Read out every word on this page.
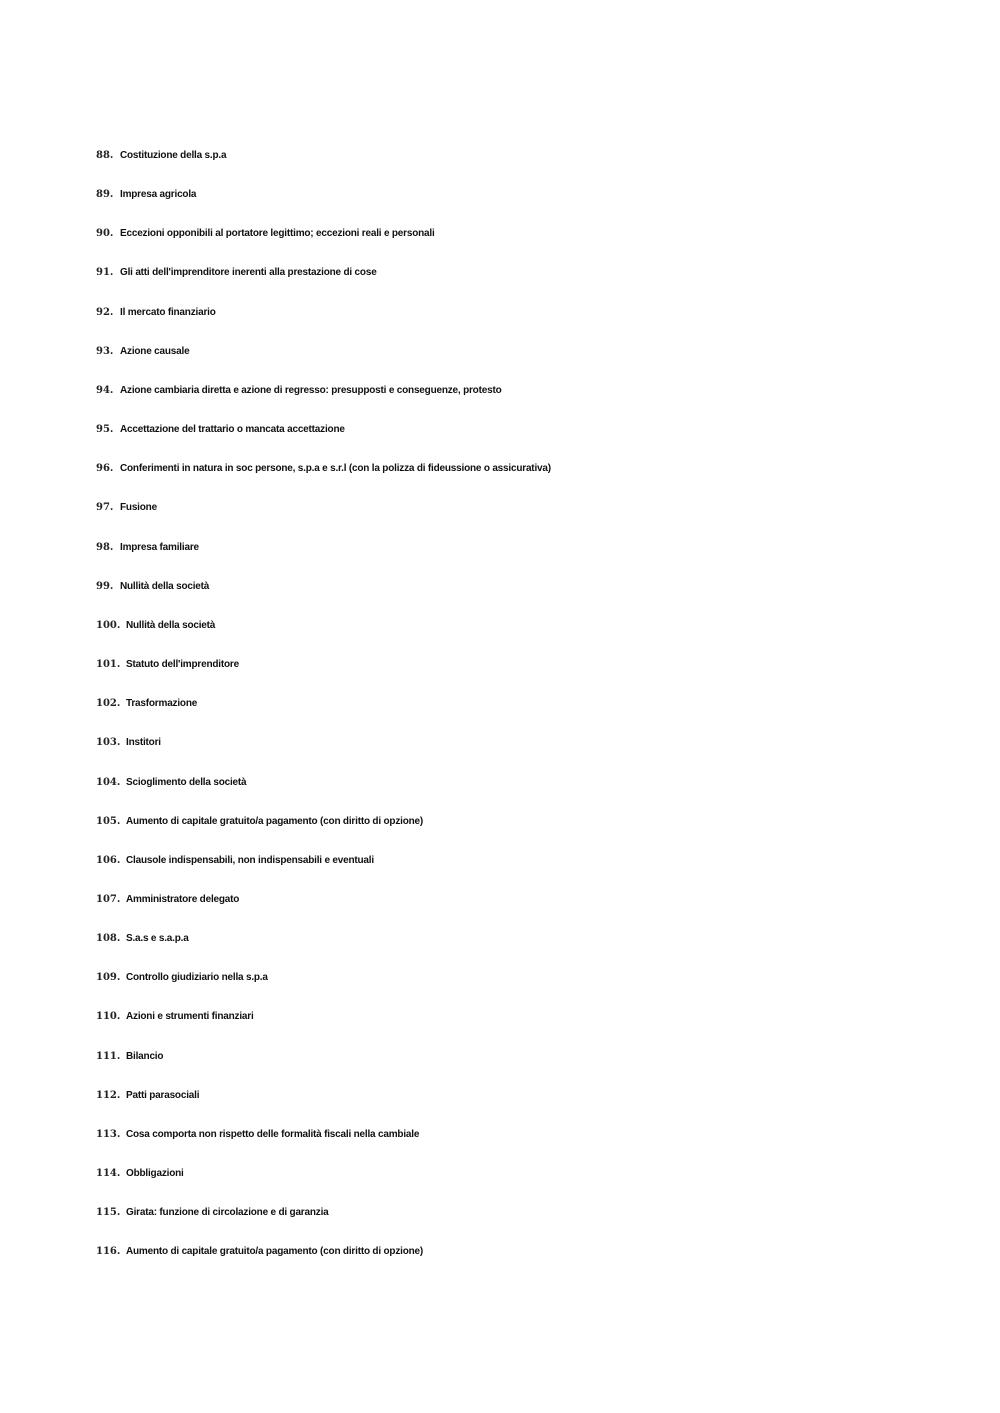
88. Costituzione della s.p.a
89. Impresa agricola
90. Eccezioni opponibili al portatore legittimo; eccezioni reali e personali
91. Gli atti dell'imprenditore inerenti alla prestazione di cose
92. Il mercato finanziario
93. Azione causale
94. Azione cambiaria diretta e azione di regresso: presupposti e conseguenze, protesto
95. Accettazione del trattario o mancata accettazione
96. Conferimenti in natura in soc persone, s.p.a e s.r.l (con la polizza di fideussione o assicurativa)
97. Fusione
98. Impresa familiare
99. Nullità della società
100. Nullità della società
101. Statuto dell'imprenditore
102. Trasformazione
103. Institori
104. Scioglimento della società
105. Aumento di capitale gratuito/a pagamento (con diritto di opzione)
106. Clausole indispensabili, non indispensabili e eventuali
107. Amministratore delegato
108. S.a.s e s.a.p.a
109. Controllo giudiziario nella s.p.a
110. Azioni e strumenti finanziari
111. Bilancio
112. Patti parasociali
113. Cosa comporta non rispetto delle formalità fiscali nella cambiale
114. Obbligazioni
115. Girata: funzione di circolazione e di garanzia
116. Aumento di capitale gratuito/a pagamento (con diritto di opzione)
